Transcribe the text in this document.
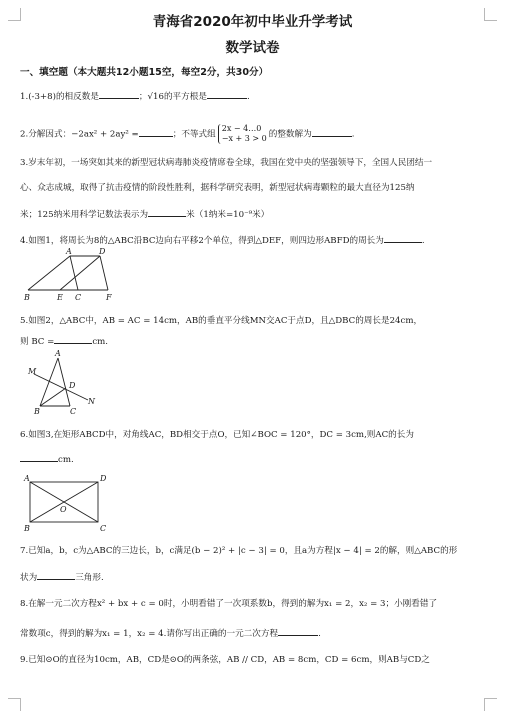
青海省2020年初中毕业升学考试
数学试卷
一、填空题（本大题共12小题15空，每空2分，共30分）
1.(-3+8)的相反数是	；√16的平方根是	.
2.分解因式：−2ax² + 2ay² =	；不等式组2x − 4…0
−x + 3 > 0 的整数解为	.
3.岁末年初，一场突如其来的新型冠状病毒肺炎疫情席卷全球，我国在党中央的坚强领导下，全国人民团结一
心、众志成城，取得了抗击疫情的阶段性胜利，据科学研究表明，新型冠状病毒颗粒的最大直径为125纳
米；125纳米用科学记数法表示为	米（1纳米=10⁻⁹米）
4.如图1，将周长为8的△ABC沿BC边向右平移2个单位，得到△DEF，则四边形ABFD的周长为	.
A	D
B	E C	F
5.如图2，△ABC中，AB = AC = 14cm，AB的垂直平分线MN交AC于点D，且△DBC的周长是24cm，
则 BC =	cm.
M
A
D
N
B	C
6.如图3,在矩形ABCD中，对角线AC，BD相交于点O，已知∠BOC = 120°，DC = 3cm,则AC的长为
cm.
A	D
O
B	C
7.已知a，b，c为△ABC的三边长，b，c满足(b − 2)² + |c − 3| = 0，且a为方程|x − 4| = 2的解，则△ABC的形
状为	三角形.
8.在解一元二次方程x² + bx + c = 0时，小明看错了一次项系数b，得到的解为x₁ = 2，x₂ = 3；小刚看错了
常数项c，得到的解为x₁ = 1，x₂ = 4.请你写出正确的一元二次方程	.
9.已知⊙O的直径为10cm，AB，CD是⊙O的两条弦，AB // CD，AB = 8cm，CD = 6cm，则AB与CD之
